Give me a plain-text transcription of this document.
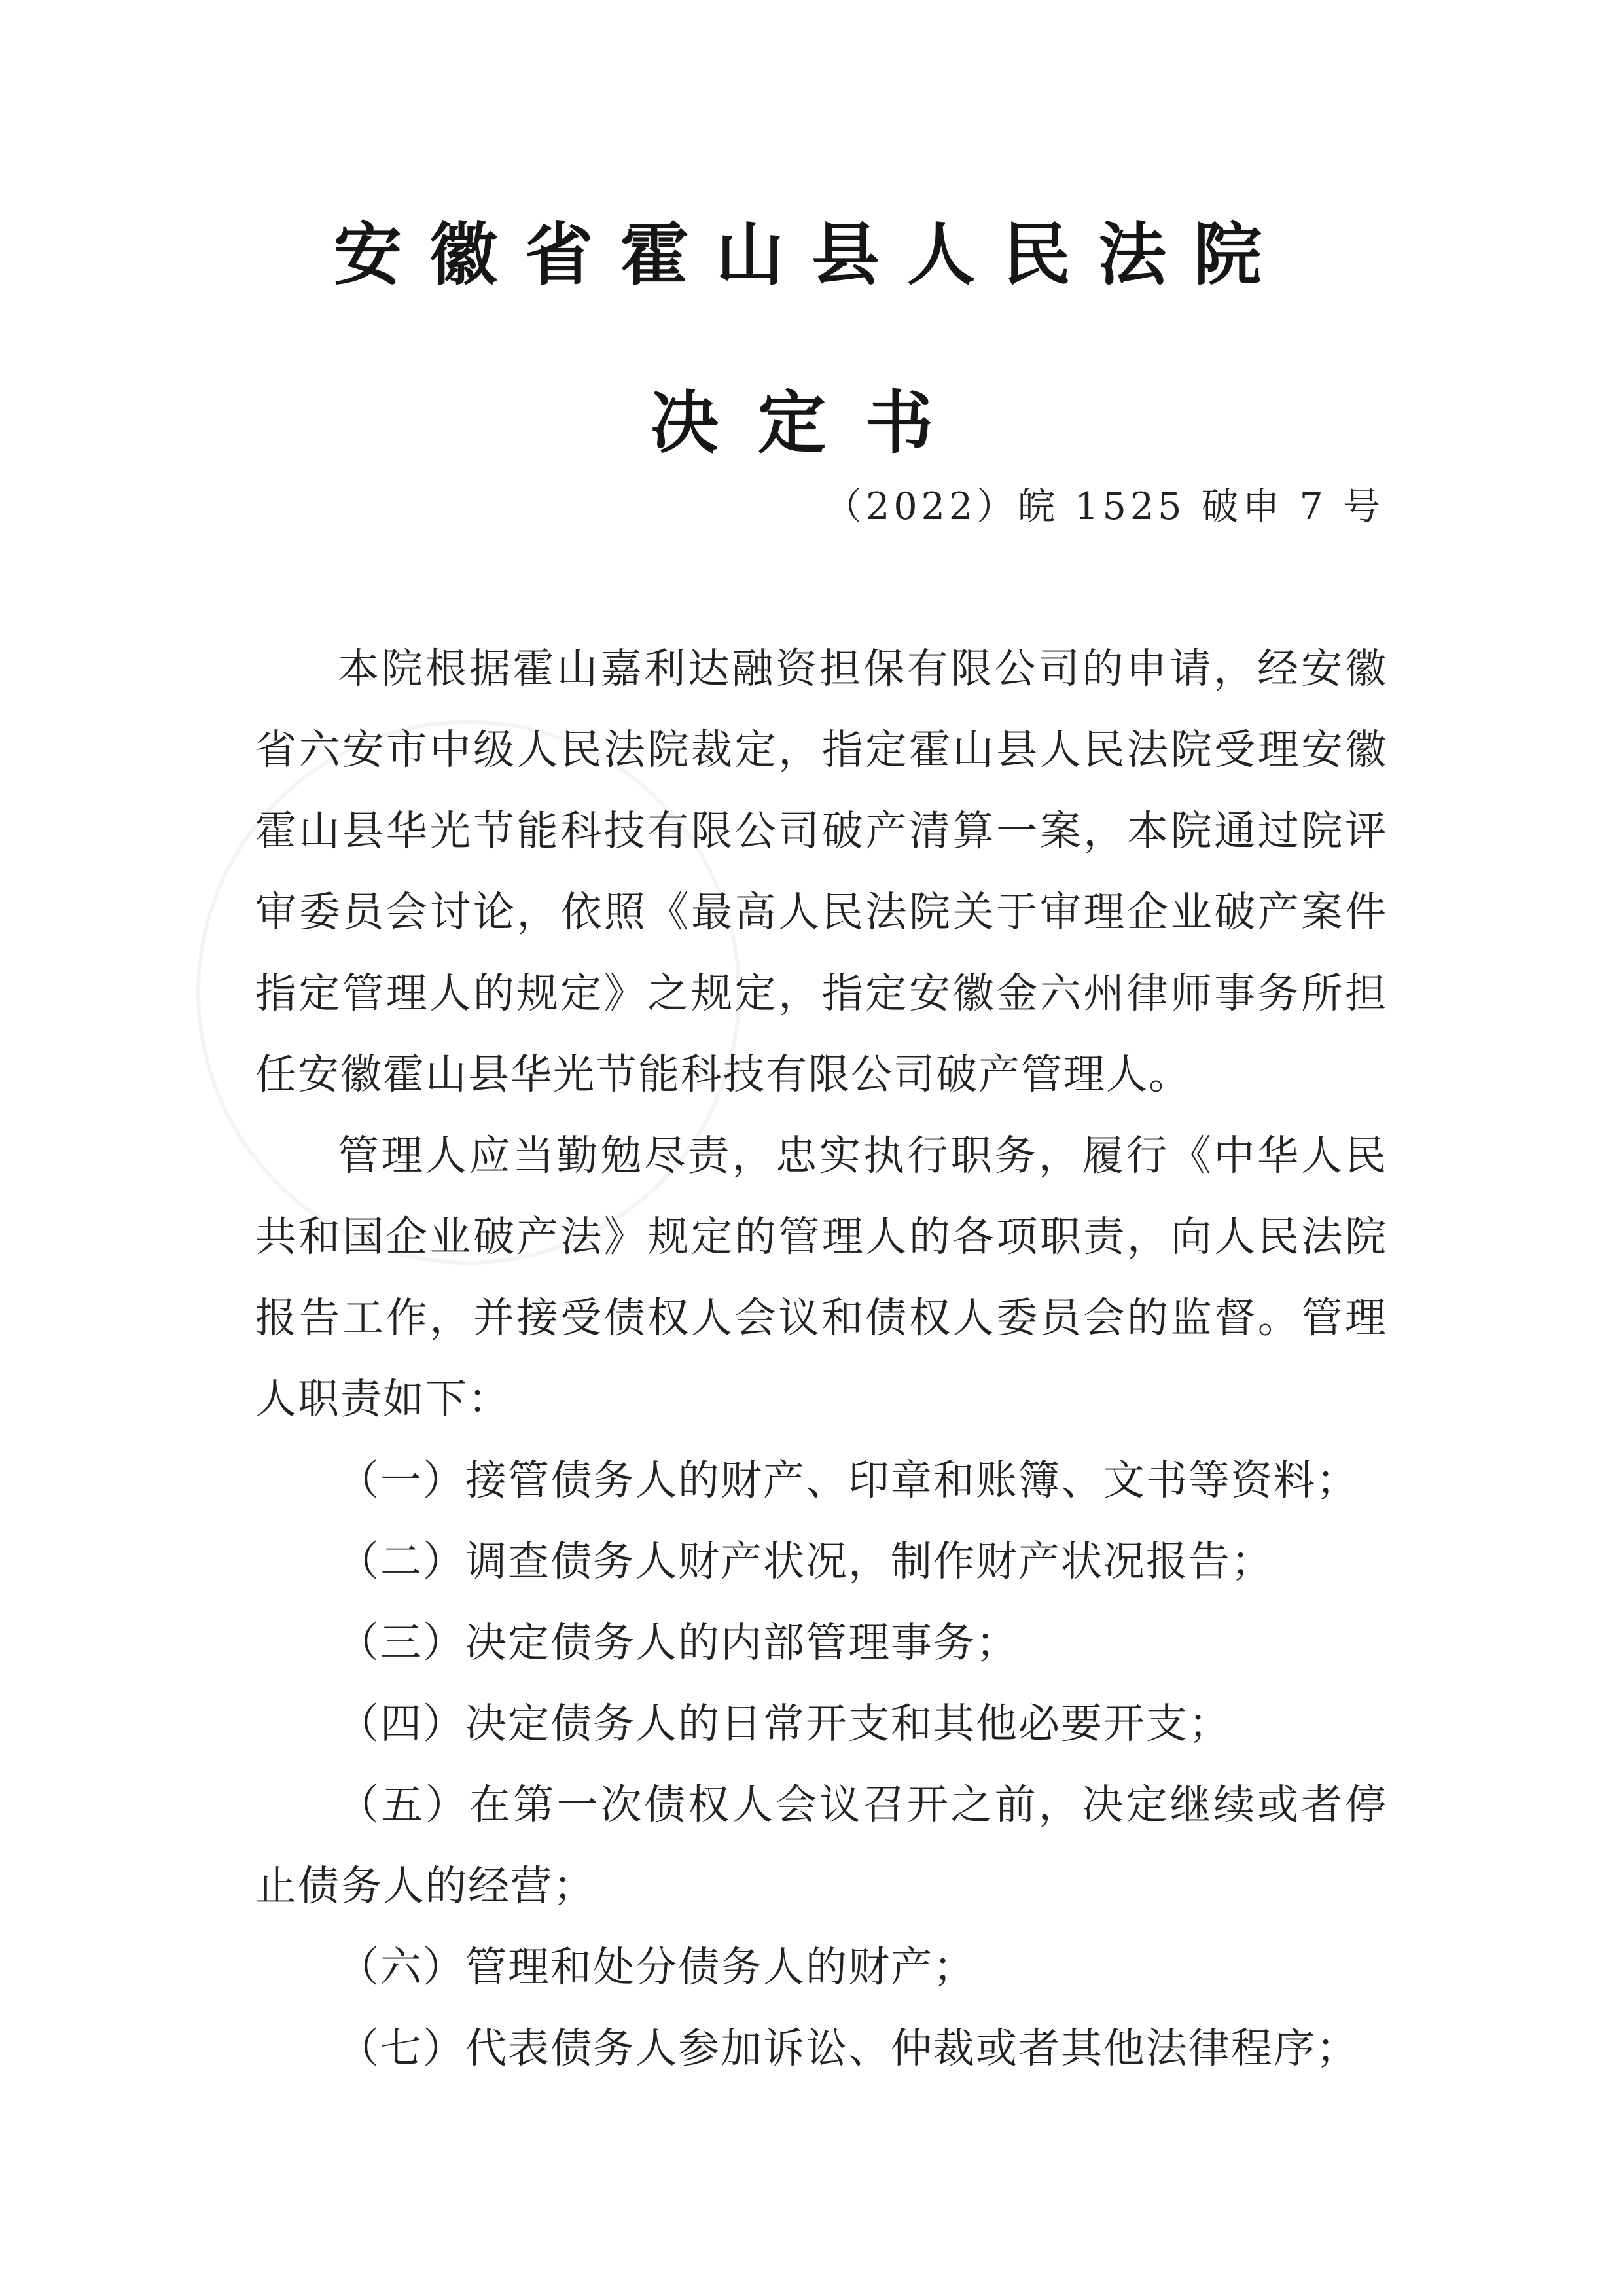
安徽省霍山县人民法院
决定书
（2022）皖 1525 破申 7 号

本院根据霍山嘉利达融资担保有限公司的申请，经安徽省六安市中级人民法院裁定，指定霍山县人民法院受理安徽霍山县华光节能科技有限公司破产清算一案，本院通过院评审委员会讨论，依照《最高人民法院关于审理企业破产案件指定管理人的规定》之规定，指定安徽金六州律师事务所担任安徽霍山县华光节能科技有限公司破产管理人。

管理人应当勤勉尽责，忠实执行职务，履行《中华人民共和国企业破产法》规定的管理人的各项职责，向人民法院报告工作，并接受债权人会议和债权人委员会的监督。管理人职责如下：

（一）接管债务人的财产、印章和账簿、文书等资料；

（二）调查债务人财产状况，制作财产状况报告；

（三）决定债务人的内部管理事务；

（四）决定债务人的日常开支和其他必要开支；

（五）在第一次债权人会议召开之前，决定继续或者停止债务人的经营；

（六）管理和处分债务人的财产；

（七）代表债务人参加诉讼、仲裁或者其他法律程序；
